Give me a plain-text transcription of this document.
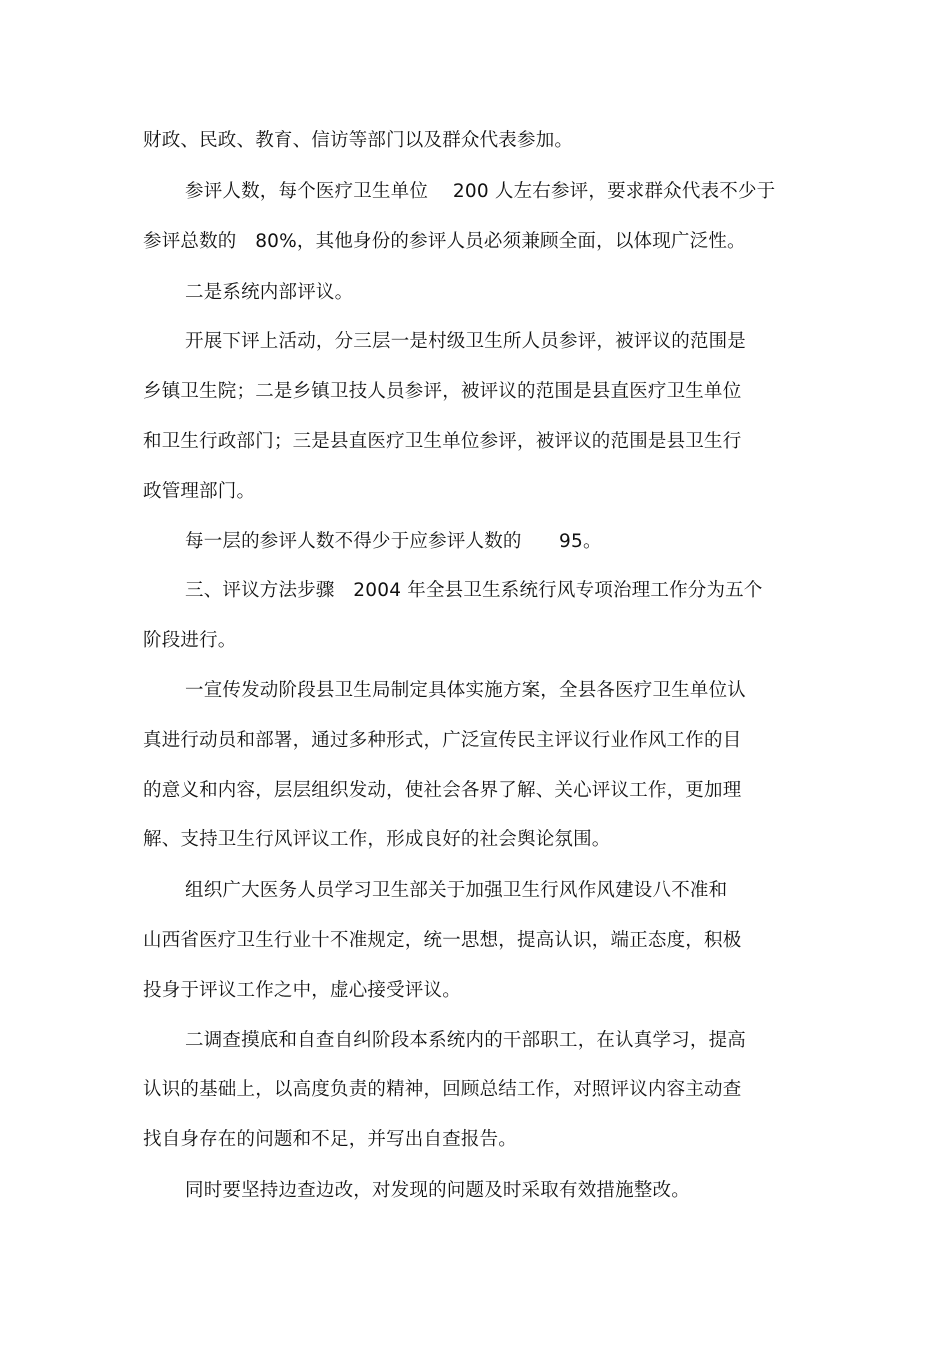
财政、民政、教育、信访等部门以及群众代表参加。
参评人数，每个医疗卫生单位　 200 人左右参评，要求群众代表不少于
参评总数的　80%，其他身份的参评人员必须兼顾全面，以体现广泛性。
二是系统内部评议。
开展下评上活动，分三层一是村级卫生所人员参评，被评议的范围是
乡镇卫生院；二是乡镇卫技人员参评，被评议的范围是县直医疗卫生单位
和卫生行政部门；三是县直医疗卫生单位参评，被评议的范围是县卫生行
政管理部门。
每一层的参评人数不得少于应参评人数的　　95。
三、评议方法步骤　2004 年全县卫生系统行风专项治理工作分为五个
阶段进行。
一宣传发动阶段县卫生局制定具体实施方案，全县各医疗卫生单位认
真进行动员和部署，通过多种形式，广泛宣传民主评议行业作风工作的目
的意义和内容，层层组织发动，使社会各界了解、关心评议工作，更加理
解、支持卫生行风评议工作，形成良好的社会舆论氛围。
组织广大医务人员学习卫生部关于加强卫生行风作风建设八不准和
山西省医疗卫生行业十不准规定，统一思想，提高认识，端正态度，积极
投身于评议工作之中，虚心接受评议。
二调查摸底和自查自纠阶段本系统内的干部职工，在认真学习，提高
认识的基础上，以高度负责的精神，回顾总结工作，对照评议内容主动查
找自身存在的问题和不足，并写出自查报告。
同时要坚持边查边改，对发现的问题及时采取有效措施整改。
